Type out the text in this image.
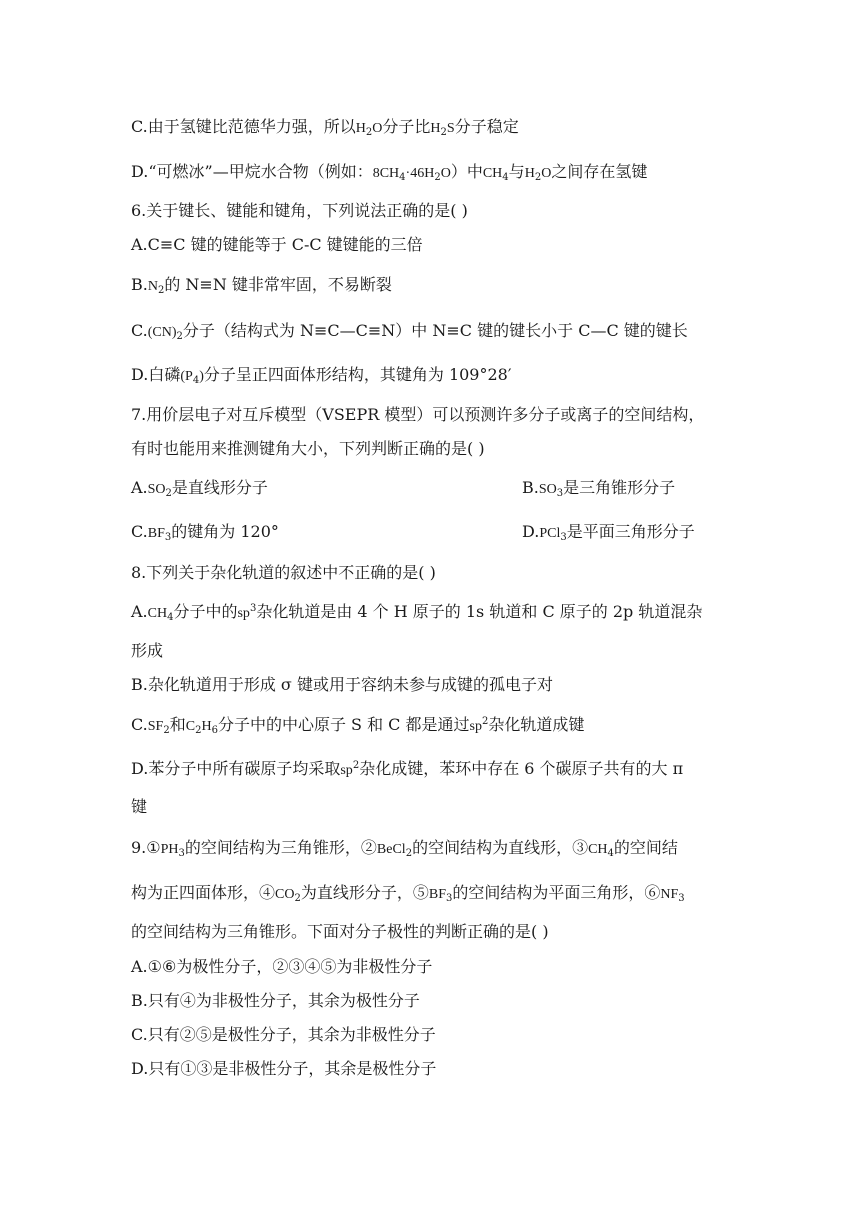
C.由于氢键比范德华力强，所以$H_2O$分子比$H_2S$分子稳定
D.“可燃冰”—甲烷水合物（例如：$8CH_4\cdot 46H_2O$）中$CH_4$与$H_2O$之间存在氢键
6.关于键长、键能和键角，下列说法正确的是( )
A.C≡C 键的键能等于 C-C 键键能的三倍
$B.N_2$的 N≡N 键非常牢固，不易断裂
$C.(CN)_2$分子（结构式为 N≡C—C≡N）中 N≡C 键的键长小于 C—C 键的键长
D.白磷$(P_4)$分子呈正四面体形结构，其键角为 109°28′
7.用价层电子对互斥模型（VSEPR 模型）可以预测许多分子或离子的空间结构，
有时也能用来推测键角大小，下列判断正确的是( )
$A.SO_2$是直线形分子	$B.SO_3$是三角锥形分子
$C.BF_3$的键角为 120°	D.PCl$_3$是平面三角形分子
8.下列关于杂化轨道的叙述中不正确的是( )
$A.CH_4$分子中的$sp^3$杂化轨道是由 4 个 H 原子的 1s 轨道和 C 原子的 2p 轨道混杂
形成
B.杂化轨道用于形成 σ 键或用于容纳未参与成键的孤电子对
$C.SF_2$和$C_2H_6$分子中的中心原子 S 和 C 都是通过$sp^2$杂化轨道成键
D.苯分子中所有碳原子均采取$sp^2$杂化成键，苯环中存在 6 个碳原子共有的大 π
键
$9.①PH_3$的空间结构为三角锥形，②BeCl$_2$的空间结构为直线形，$③CH_4$的空间结
构为正四面体形，$④CO_2$为直线形分子，$⑤BF_3$的空间结构为平面三角形，$⑥NF_3$
的空间结构为三角锥形。下面对分子极性的判断正确的是( )
A.①⑥为极性分子，②③④⑤为非极性分子
B.只有④为非极性分子，其余为极性分子
C.只有②⑤是极性分子，其余为非极性分子
D.只有①③是非极性分子，其余是极性分子
